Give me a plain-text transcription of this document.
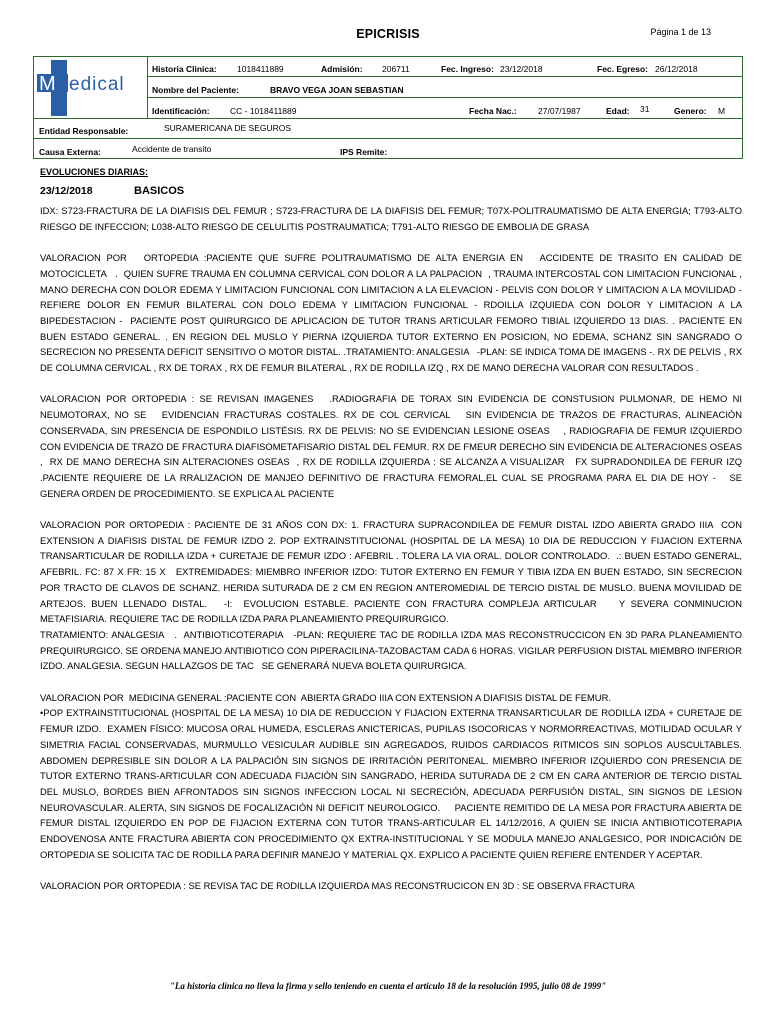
EPICRISIS	Página 1 de 13
M edical
Historia Clinica: 1018411889	Admisión: 206711	Fec. Ingreso: 23/12/2018	Fec. Egreso: 26/12/2018
Nombre del Paciente:	BRAVO VEGA JOAN SEBASTIAN
Identificación: CC - 1018411889	Fecha Nac.:	27/07/1987	Edad: 31	Genero: M
Entidad Responsable:	SURAMERICANA DE SEGUROS
Causa Externa:	Accidente de transito	IPS Remite:
EVOLUCIONES DIARIAS:
23/12/2018	BASICOS

IDX: S723-FRACTURA DE LA DIAFISIS DEL FEMUR ; S723-FRACTURA DE LA DIAFISIS DEL FEMUR; T07X-POLITRAUMATISMO DE ALTA ENERGIA; T793-ALTO RIESGO DE INFECCION; L038-ALTO RIESGO DE CELULITIS POSTRAUMATICA; T791-ALTO RIESGO DE EMBOLIA DE GRASA

VALORACION POR   ORTOPEDIA :PACIENTE QUE SUFRE POLITRAUMATISMO DE ALTA ENERGIA EN   ACCIDENTE DE TRASITO EN CALIDAD DE MOTOCICLETA   .  QUIEN SUFRE TRAUMA EN COLUMNA CERVICAL CON DOLOR A LA PALPACION  , TRAUMA INTERCOSTAL CON LIMITACION FUNCIONAL , MANO DERECHA CON DOLOR EDEMA Y LIMITACION FUNCIONAL CON LIMITACION A LA ELEVACION - PELVIS CON DOLOR Y LIMITACION A LA MOVILIDAD - REFIERE DOLOR EN FEMUR BILATERAL CON DOLO EDEMA Y LIMITACION FUNCIONAL - RDOILLA IZQUIEDA CON DOLOR Y LIMITACION A LA BIPEDESTACION -  PACIENTE POST QUIRURGICO DE APLICACION DE TUTOR TRANS ARTICULAR FEMORO TIBIAL IZQUIERDO 13 DIAS. . PACIENTE EN BUEN ESTADO GENERAL. . EN REGION DEL MUSLO Y PIERNA IZQUIERDA TUTOR EXTERNO EN POSICION, NO EDEMA, SCHANZ SIN SANGRADO O SECRECION NO PRESENTA DEFICIT SENSITIVO O MOTOR DISTAL. .TRATAMIENTO: ANALGESIA   -PLAN: SE INDICA TOMA DE IMAGENS -. RX DE PELVIS , RX DE COLUMNA CERVICAL , RX DE TORAX , RX DE FEMUR BILATERAL , RX DE RODILLA IZQ , RX DE MANO DERECHA VALORAR CON RESULTADOS .

VALORACION POR ORTOPEDIA : SE REVISAN IMAGENES   .RADIOGRAFIA DE TORAX SIN EVIDENCIA DE CONSTUSION PULMONAR, DE HEMO NI NEUMOTORAX, NO SE   EVIDENCIAN FRACTURAS COSTALES. RX DE COL CERVICAL   SIN EVIDENCIA DE TRAZOS DE FRACTURAS, ALINEACIÓN CONSERVADA, SIN PRESENCIA DE ESPONDILO LISTÉSIS. RX DE PELVIS: NO SE EVIDENCIAN LESIONE OSEAS    , RADIOGRAFIA DE FEMUR IZQUIERDO   CON EVIDENCIA DE TRAZO DE FRACTURA DIAFISOMETAFISARIO DISTAL DEL FEMUR. RX DE FMEUR DERECHO SIN EVIDENCIA DE ALTERACIONES OSEAS  ,  RX DE MANO DERECHA SIN ALTERACIONES OSEAS  , RX DE RODILLA IZQUIERDA : SE ALCANZA A VISUALIZAR   FX SUPRADONDILEA DE FERUR IZQ .PACIENTE REQUIERE DE LA RRALIZACION DE MANJEO DEFINITIVO DE FRACTURA FEMORAL.EL CUAL SE PROGRAMA PARA EL DIA DE HOY -   SE GENERA ORDEN DE PROCEDIMIENTO. SE EXPLICA AL PACIENTE

VALORACION POR ORTOPEDIA : PACIENTE DE 31 AÑOS CON DX: 1. FRACTURA SUPRACONDILEA DE FEMUR DISTAL IZDO ABIERTA GRADO IIIA  CON EXTENSION A DIAFISIS DISTAL DE FEMUR IZDO 2. POP EXTRAINSTITUCIONAL (HOSPITAL DE LA MESA) 10 DIA DE REDUCCION Y FIJACION EXTERNA TRANSARTICULAR DE RODILLA IZDA + CURETAJE DE FEMUR IZDO : AFEBRIL . TOLERA LA VIA ORAL. DOLOR CONTROLADO.  .: BUEN ESTADO GENERAL, AFEBRIL. FC: 87 X FR: 15 X   EXTREMIDADES: MIEMBRO INFERIOR IZDO: TUTOR EXTERNO EN FEMUR Y TIBIA IZDA EN BUEN ESTADO, SIN SECRECION POR TRACTO DE CLAVOS DE SCHANZ. HERIDA SUTURADA DE 2 CM EN REGION ANTEROMEDIAL DE TERCIO DISTAL DE MUSLO. BUENA MOVILIDAD DE ARTEJOS. BUEN LLENADO DISTAL.   -I:  EVOLUCION ESTABLE. PACIENTE CON FRACTURA COMPLEJA ARTICULAR    Y SEVERA CONMINUCION METAFISIARIA. REQUIERE TAC DE RODILLA IZDA PARA PLANEAMIENTO PREQUIRURGICO.

TRATAMIENTO: ANALGESIA   .  ANTIBIOTICOTERAPIA   -PLAN: REQUIERE TAC DE RODILLA IZDA MAS RECONSTRUCCICON EN 3D PARA PLANEAMIENTO PREQUIRURGICO. SE ORDENA MANEJO ANTIBIOTICO CON PIPERACILINA-TAZOBACTAM CADA 6 HORAS. VIGILAR PERFUSION DISTAL MIEMBRO INFERIOR IZDO. ANALGESIA. SEGUN HALLAZGOS DE TAC   SE GENERARÁ NUEVA BOLETA QUIRURGICA.

VALORACION POR  MEDICINA GENERAL :PACIENTE CON  ABIERTA GRADO IIIA CON EXTENSION A DIAFISIS DISTAL DE FEMUR.

•POP EXTRAINSTITUCIONAL (HOSPITAL DE LA MESA) 10 DIA DE REDUCCION Y FIJACION EXTERNA TRANSARTICULAR DE RODILLA IZDA + CURETAJE DE FEMUR IZDO.  EXAMEN FÍSICO: MUCOSA ORAL HUMEDA, ESCLERAS ANICTERICAS, PUPILAS ISOCORICAS Y NORMORREACTIVAS, MOTILIDAD OCULAR Y SIMETRIA FACIAL CONSERVADAS, MURMULLO VESICULAR AUDIBLE SIN AGREGADOS, RUIDOS CARDIACOS RITMICOS SIN SOPLOS AUSCULTABLES. ABDOMEN DEPRESIBLE SIN DOLOR A LA PALPACIÓN SIN SIGNOS DE IRRITACIÓN PERITONEAL. MIEMBRO INFERIOR IZQUIERDO CON PRESENCIA DE TUTOR EXTERNO TRANS-ARTICULAR CON ADECUADA FIJACIÓN SIN SANGRADO, HERIDA SUTURADA DE 2 CM EN CARA ANTERIOR DE TERCIO DISTAL DEL MUSLO, BORDES BIEN AFRONTADOS SIN SIGNOS INFECCION LOCAL NI SECRECIÓN, ADECUADA PERFUSIÓN DISTAL, SIN SIGNOS DE LESION NEUROVASCULAR. ALERTA, SIN SIGNOS DE FOCALIZACIÓN NI DEFICIT NEUROLOGICO.     PACIENTE REMITIDO DE LA MESA POR FRACTURA ABIERTA DE FEMUR DISTAL IZQUIERDO EN POP DE FIJACION EXTERNA CON TUTOR TRANS-ARTICULAR EL 14/12/2016, A QUIEN SE INICIA ANTIBIOTICOTERAPIA ENDOVENOSA ANTE FRACTURA ABIERTA CON PROCEDIMIENTO QX EXTRA-INSTITUCIONAL Y SE MODULA MANEJO ANALGESICO, POR INDICACIÓN DE ORTOPEDIA SE SOLICITA TAC DE RODILLA PARA DEFINIR MANEJO Y MATERIAL QX. EXPLICO A PACIENTE QUIEN REFIERE ENTENDER Y ACEPTAR.

VALORACION POR ORTOPEDIA : SE REVISA TAC DE RODILLA IZQUIERDA MAS RECONSTRUCICON EN 3D : SE OBSERVA FRACTURA

"La historia clínica no lleva la firma y sello teniendo en cuenta el articulo 18 de la resolución 1995, julio 08 de 1999"
